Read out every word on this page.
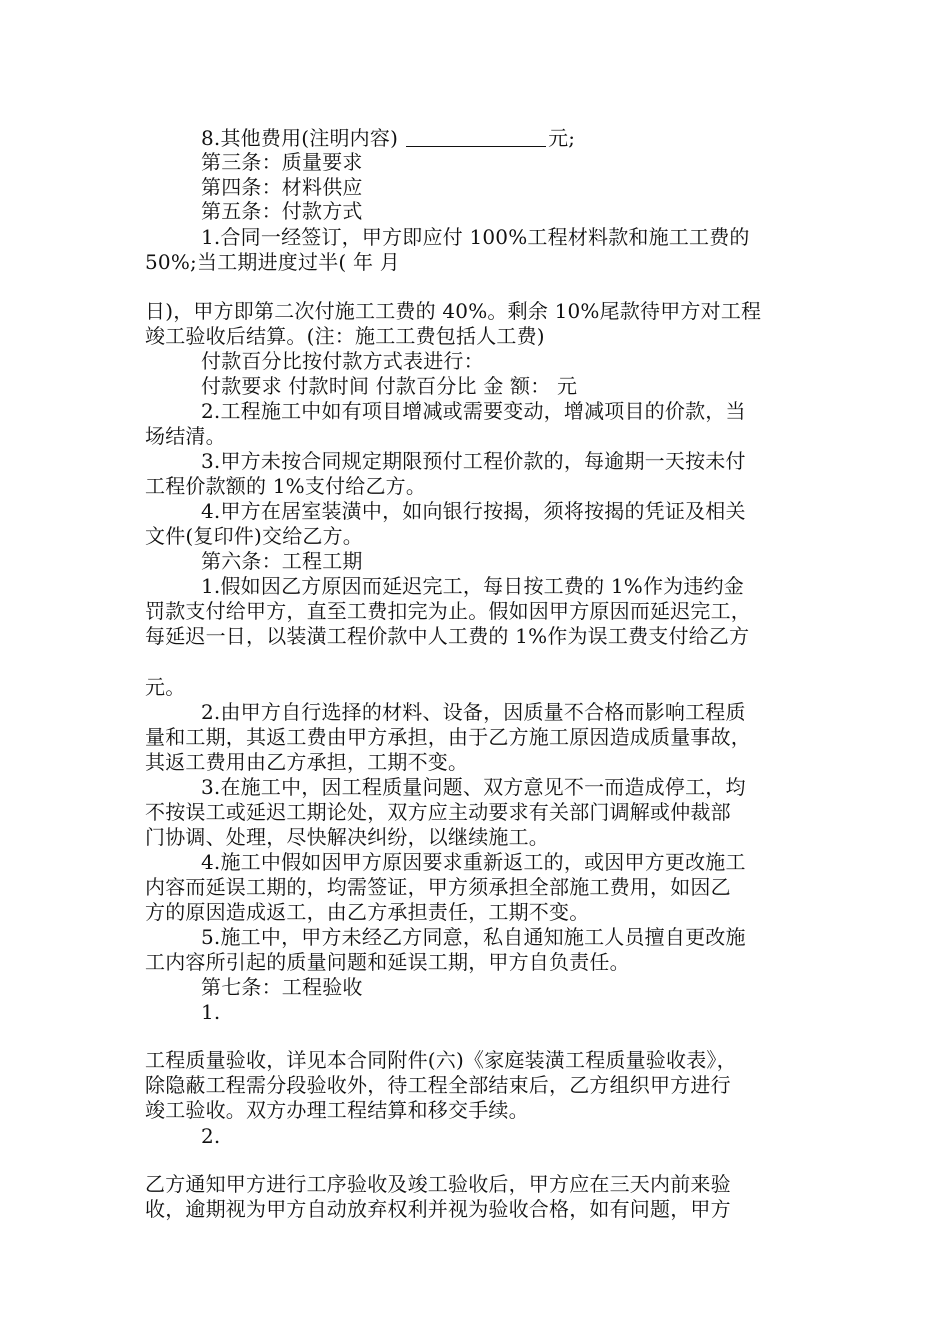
8.其他费用(注明内容)	元;
第三条：质量要求
第四条：材料供应
第五条：付款方式
1.合同一经签订，甲方即应付 100%工程材料款和施工工费的
50%;当工期进度过半( 年 月
日)，甲方即第二次付施工工费的 40%。剩余 10%尾款待甲方对工程
竣工验收后结算。(注：施工工费包括人工费)
付款百分比按付款方式表进行：
付款要求 付款时间 付款百分比 金 额： 元
2.工程施工中如有项目增减或需要变动，增减项目的价款，当
场结清。
3.甲方未按合同规定期限预付工程价款的，每逾期一天按未付
工程价款额的 1%支付给乙方。
4.甲方在居室装潢中，如向银行按揭，须将按揭的凭证及相关
文件(复印件)交给乙方。
第六条：工程工期
1.假如因乙方原因而延迟完工，每日按工费的 1%作为违约金
罚款支付给甲方，直至工费扣完为止。假如因甲方原因而延迟完工，
每延迟一日，以装潢工程价款中人工费的 1%作为误工费支付给乙方
元。
2.由甲方自行选择的材料、设备，因质量不合格而影响工程质
量和工期，其返工费由甲方承担，由于乙方施工原因造成质量事故，
其返工费用由乙方承担，工期不变。
3.在施工中，因工程质量问题、双方意见不一而造成停工，均
不按误工或延迟工期论处，双方应主动要求有关部门调解或仲裁部
门协调、处理，尽快解决纠纷，以继续施工。
4.施工中假如因甲方原因要求重新返工的，或因甲方更改施工
内容而延误工期的，均需签证，甲方须承担全部施工费用，如因乙
方的原因造成返工，由乙方承担责任，工期不变。
5.施工中，甲方未经乙方同意，私自通知施工人员擅自更改施
工内容所引起的质量问题和延误工期，甲方自负责任。
第七条：工程验收
1.
工程质量验收，详见本合同附件(六)《家庭装潢工程质量验收表》，
除隐蔽工程需分段验收外，待工程全部结束后，乙方组织甲方进行
竣工验收。双方办理工程结算和移交手续。
2.
乙方通知甲方进行工序验收及竣工验收后，甲方应在三天内前来验
收，逾期视为甲方自动放弃权利并视为验收合格，如有问题，甲方
